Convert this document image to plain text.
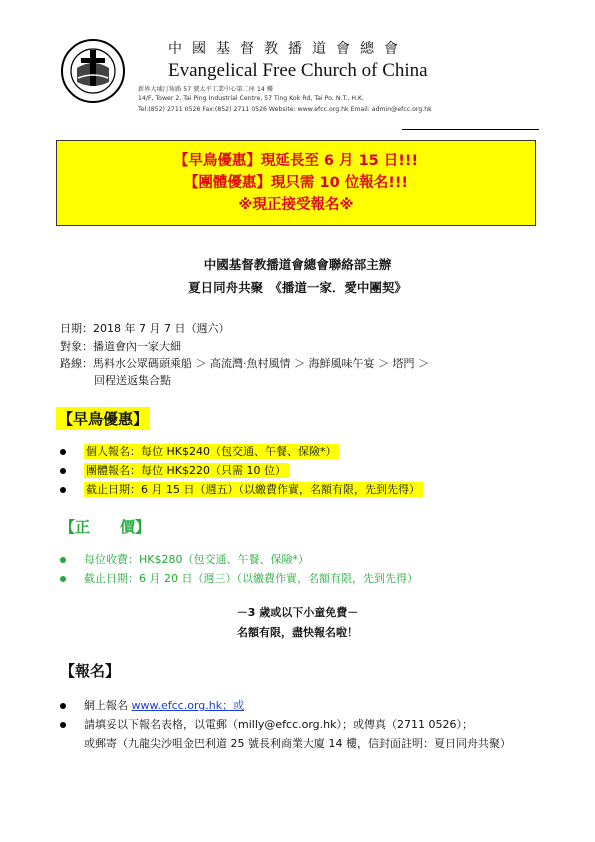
中國基督教播道會總會
Evangelical Free Church of China
新界大埔汀角路 57 號太平工業中心第二座 14 樓
14/F, Tower 2, Tai Ping Industrial Centre, 57 Ting Kok Rd, Tai Po, N.T., H.K.
Tel:(852) 2711 0526 Fax:(852) 2711 0526 Website: www.efcc.org.hk Email: admin@efcc.org.hk
【早鳥優惠】現延長至 6 月 15 日!!!
【團體優惠】現只需 10 位報名!!!
※現正接受報名※
中國基督教播道會總會聯絡部主辦
夏日同舟共聚　《播道一家．愛中團契》
日期：2018 年 7 月 7 日（週六）
對象：播道會內一家大細
路線：馬料水公眾碼頭乘船 ＞ 高流灣‧魚村風情 ＞ 海鮮風味午宴 ＞ 塔門 ＞
回程送返集合點
【早鳥優惠】
個人報名：每位 HK$240（包交通、午餐、保險*）
團體報名：每位 HK$220（只需 10 位）
截止日期：6 月 15 日（週五）（以繳費作實，名額有限，先到先得）
【正　　價】
每位收費：HK$280（包交通、午餐、保險*）
截止日期：6 月 20 日（週三）（以繳費作實，名額有限，先到先得）
－3 歲或以下小童免費－
名額有限，盡快報名啦！
【報名】
網上報名 www.efcc.org.hk；或
請填妥以下報名表格，以電郵（milly@efcc.org.hk）；或傳真（2711 0526）；
或郵寄（九龍尖沙咀金巴利道 25 號長利商業大廈 14 樓，信封面註明：夏日同舟共聚）
